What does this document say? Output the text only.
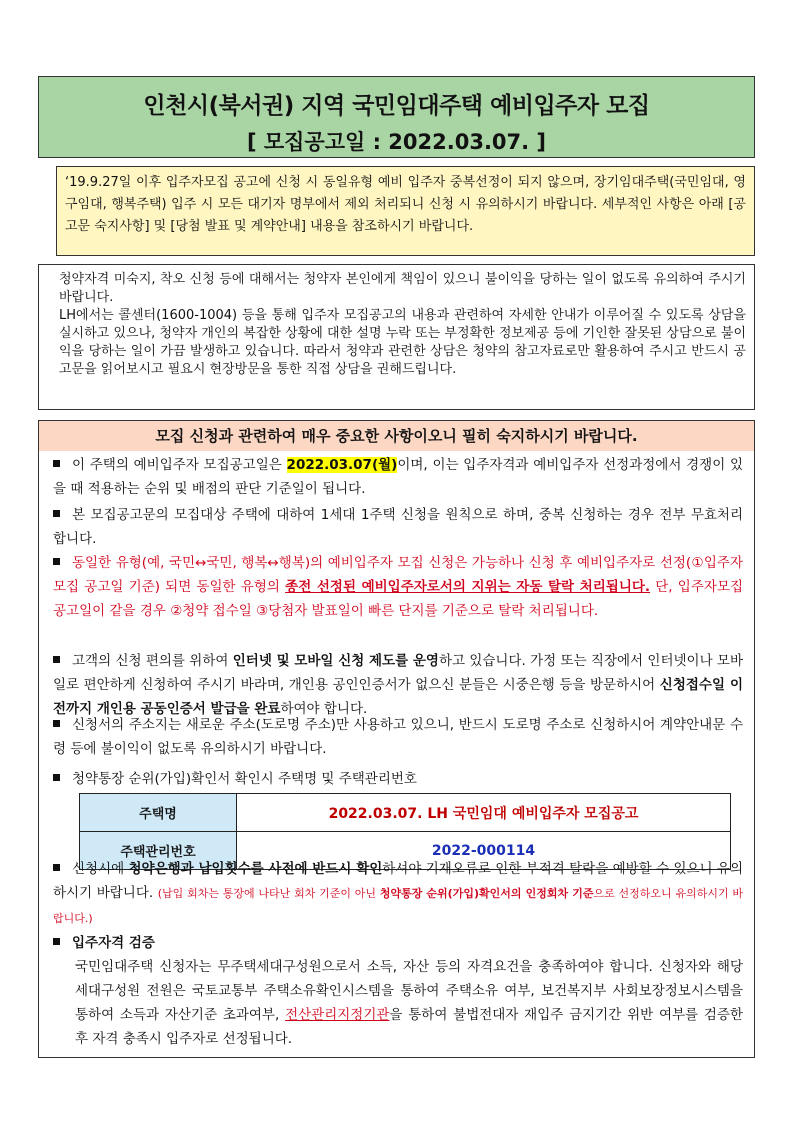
인천시(북서권) 지역 국민임대주택 예비입주자 모집
[ 모집공고일 : 2022.03.07. ]
‘19.9.27일 이후 입주자모집 공고에 신청 시 동일유형 예비 입주자 중복선정이 되지 않으며, 장기임대주택(국민임대, 영구임대, 행복주택) 입주 시 모든 대기자 명부에서 제외 처리되니 신청 시 유의하시기 바랍니다. 세부적인 사항은 아래 [공고문 숙지사항] 및 [당첨 발표 및 계약안내] 내용을 참조하시기 바랍니다.

청약자격 미숙지, 착오 신청 등에 대해서는 청약자 본인에게 책임이 있으니 불이익을 당하는 일이 없도록 유의하여 주시기 바랍니다.

LH에서는 콜센터(1600-1004) 등을 통해 입주자 모집공고의 내용과 관련하여 자세한 안내가 이루어질 수 있도록 상담을 실시하고 있으나, 청약자 개인의 복잡한 상황에 대한 설명 누락 또는 부정확한 정보제공 등에 기인한 잘못된 상담으로 불이익을 당하는 일이 가끔 발생하고 있습니다. 따라서 청약과 관련한 상담은 청약의 참고자료로만 활용하여 주시고 반드시 공고문을 읽어보시고 필요시 현장방문을 통한 직접 상담을 권해드립니다.

모집 신청과 관련하여 매우 중요한 사항이오니 필히 숙지하시기 바랍니다.
이 주택의 예비입주자 모집공고일은 2022.03.07(월)이며, 이는 입주자격과 예비입주자 선정과정에서 경쟁이 있을 때 적용하는 순위 및 배점의 판단 기준일이 됩니다.
본 모집공고문의 모집대상 주택에 대하여 1세대 1주택 신청을 원칙으로 하며, 중복 신청하는 경우 전부 무효처리 합니다.
동일한 유형(예, 국민↔국민, 행복↔행복)의 예비입주자 모집 신청은 가능하나 신청 후 예비입주자로 선정(①입주자모집 공고일 기준) 되면 동일한 유형의 종전 선정된 예비입주자로서의 지위는 자동 탈락 처리됩니다. 단, 입주자모집 공고일이 같을 경우 ②청약 접수일 ③당첨자 발표일이 빠른 단지를 기준으로 탈락 처리됩니다.
고객의 신청 편의를 위하여 인터넷 및 모바일 신청 제도를 운영하고 있습니다. 가정 또는 직장에서 인터넷이나 모바일로 편안하게 신청하여 주시기 바라며, 개인용 공인인증서가 없으신 분들은 시중은행 등을 방문하시어 신청접수일 이전까지 개인용 공동인증서 발급을 완료하여야 합니다.
신청서의 주소지는 새로운 주소(도로명 주소)만 사용하고 있으니, 반드시 도로명 주소로 신청하시어 계약안내문 수령 등에 불이익이 없도록 유의하시기 바랍니다.
청약통장 순위(가입)확인서 확인시 주택명 및 주택관리번호
주택명	2022.03.07. LH 국민임대 예비입주자 모집공고
주택관리번호	2022-000114
신청시에 청약은행과 납입횟수를 사전에 반드시 확인하셔야 기재오류로 인한 부적격 탈락을 예방할 수 있으니 유의하시기 바랍니다. (납입 회차는 통장에 나타난 회차 기준이 아닌 청약통장 순위(가입)확인서의 인정회차 기준으로 선정하오니 유의하시기 바랍니다.)
입주자격 검증
국민임대주택 신청자는 무주택세대구성원으로서 소득, 자산 등의 자격요건을 충족하여야 합니다. 신청자와 해당 세대구성원 전원은 국토교통부 주택소유확인시스템을 통하여 주택소유 여부, 보건복지부 사회보장정보시스템을 통하여 소득과 자산기준 초과여부, 전산관리지정기관을 통하여 불법전대자 재입주 금지기간 위반 여부를 검증한 후 자격 충족시 입주자로 선정됩니다.
